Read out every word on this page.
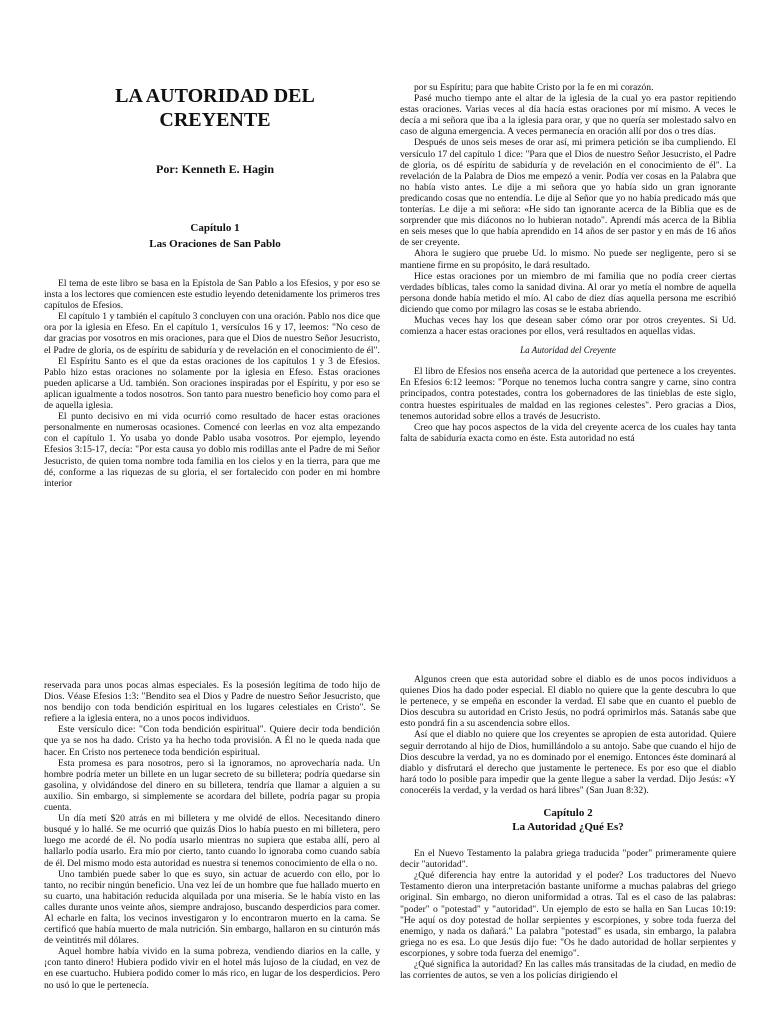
LA AUTORIDAD DEL
CREYENTE
Por: Kenneth E. Hagin
Capítulo 1
Las Oraciones de San Pablo

El tema de este libro se basa en la Epístola de San Pablo a los Efesios, y por eso se insta a los lectores que comiencen este estudio leyendo detenidamente los primeros tres capítulos de Efesios.

El capítulo 1 y también el capítulo 3 concluyen con una oración. Pablo nos dice que ora por la iglesia en Efeso. En el capítulo 1, versículos 16 y 17, leemos: "No ceso de dar gracias por vosotros en mis oraciones, para que el Dios de nuestro Señor Jesucristo, el Padre de gloria, os de espíritu de sabiduría y de revelación en el conocimiento de él".

El Espíritu Santo es el que da estas oraciones de los capítulos 1 y 3 de Efesios. Pablo hizo estas oraciones no solamente por la iglesia en Efeso. Estas oraciones pueden aplicarse a Ud. también. Son oraciones inspiradas por el Espíritu, y por eso se aplican igualmente a todos nosotros. Son tanto para nuestro beneficio hoy como para el de aquella iglesia.

El punto decisivo en mi vida ocurrió como resultado de hacer estas oraciones personalmente en numerosas ocasiones. Comencé con leerlas en voz alta empezando con el capítulo 1. Yo usaba yo donde Pablo usaba vosotros. Por ejemplo, leyendo Efesios 3:15-17, decía: "Por esta causa yo doblo mis rodillas ante el Padre de mi Señor Jesucristo, de quien toma nombre toda familia en los cielos y en la tierra, para que me dé, conforme a las riquezas de su gloria, el ser fortalecido con poder en mi hombre interior

por su Espíritu; para que habite Cristo por la fe en mi corazón.

Pasé mucho tiempo ante el altar de la iglesia de la cual yo era pastor repitiendo estas oraciones. Varias veces al día hacía estas oraciones por mí mismo. A veces le decía a mi señora que iba a la iglesia para orar, y que no quería ser molestado salvo en caso de alguna emergencia. A veces permanecía en oración allí por dos o tres días.

Después de unos seis meses de orar así, mi primera petición se iba cumpliendo. El versículo 17 del capítulo 1 dice: "Para que el Dios de nuestro Señor Jesucristo, el Padre de gloria, os dé espíritu de sabiduría y de revelación en el conocimiento de él". La revelación de la Palabra de Dios me empezó a venir. Podía ver cosas en la Palabra que no había visto antes. Le dije a mi señora que yo había sido un gran ignorante predicando cosas que no entendía. Le dije al Señor que yo no había predicado más que tonterías. Le dije a mi señora: «He sido tan ignorante acerca de la Biblia que es de sorprender que mis diáconos no lo hubieran notado". Aprendí más acerca de la Biblia en seis meses que lo que había aprendido en 14 años de ser pastor y en más de 16 años de ser creyente.

Ahora le sugiero que pruebe Ud. lo mismo. No puede ser negligente, pero si se mantiene firme en su propósito, le dará resultado.

Hice estas oraciones por un miembro de mi familia que no podía creer ciertas verdades bíblicas, tales como la sanidad divina. Al orar yo metía el nombre de aquella persona donde había metido el mío. Al cabo de diez días aquella persona me escribió diciendo que como por milagro las cosas se le estaba abriendo.

Muchas veces hay los que desean saber cómo orar por otros creyentes. Si Ud. comienza a hacer estas oraciones por ellos, verá resultados en aquellas vidas.

La Autoridad del Creyente

El libro de Efesios nos enseña acerca de la autoridad que pertenece a los creyentes. En Efesios 6:12 leemos: "Porque no tenemos lucha contra sangre y carne, sino contra principados, contra potestades, contra los gobernadores de las tinieblas de este siglo, contra huestes espirituales de maldad en las regiones celestes". Pero gracias a Dios, tenemos autoridad sobre ellos a través de Jesucristo.

Creo que hay pocos aspectos de la vida del creyente acerca de los cuales hay tanta falta de sabiduría exacta como en éste. Esta autoridad no está

reservada para unos pocas almas especiales. Es la posesión legítima de todo hijo de Dios. Véase Efesios 1:3: "Bendito sea el Dios y Padre de nuestro Señor Jesucristo, que nos bendijo con toda bendición espiritual en los lugares celestiales en Cristo". Se refiere a la iglesia entera, no a unos pocos individuos.

Este versículo dice: "Con toda bendición espiritual". Quiere decir toda bendición que ya se nos ha dado. Cristo ya ha hecho toda provisión. A Él no le queda nada que hacer. En Cristo nos pertenece toda bendición espiritual.

Esta promesa es para nosotros, pero si la ignoramos, no aprovecharía nada. Un hombre podría meter un billete en un lugar secreto de su billetera; podría quedarse sin gasolina, y olvidándose del dinero en su billetera, tendría que llamar a alguien a su auxilio. Sin embargo, si simplemente se acordara del billete, podría pagar su propia cuenta.

Un día metí $20 atrás en mi billetera y me olvidé de ellos. Necesitando dinero busqué y lo hallé. Se me ocurrió que quizás Dios lo había puesto en mi billetera, pero luego me acordé de él. No podía usarlo mientras no supiera que estaba allí, pero al hallarlo podía usarlo. Era mío por cierto, tanto cuando lo ignoraba como cuando sabía de él. Del mismo modo esta autoridad es nuestra si tenemos conocimiento de ella o no.

Uno también puede saber lo que es suyo, sin actuar de acuerdo con ello, por lo tanto, no recibir ningún beneficio. Una vez leí de un hombre que fue hallado muerto en su cuarto, una habitación reducida alquilada por una miseria. Se le había visto en las calles durante unos veinte años, siempre andrajoso, buscando desperdicios para comer. Al echarle en falta, los vecinos investigaron y lo encontraron muerto en la cama. Se certificó que había muerto de mala nutrición. Sin embargo, hallaron en su cinturón más de veintitrés mil dólares.

Aquel hombre había vivido en la suma pobreza, vendiendo diarios en la calle, y ¡con tanto dinero! Hubiera podido vivir en el hotel más lujoso de la ciudad, en vez de en ese cuartucho. Hubiera podido comer lo más rico, en lugar de los desperdicios. Pero no usó lo que le pertenecía.

Algunos creen que esta autoridad sobre el diablo es de unos pocos individuos a quienes Dios ha dado poder especial. El diablo no quiere que la gente descubra lo que le pertenece, y se empeña en esconder la verdad. El sabe que en cuanto el pueblo de Dios descubra su autoridad en Cristo Jesús, no podrá oprimirlos más. Satanás sabe que esto pondrá fin a su ascendencia sobre ellos.

Así que el diablo no quiere que los creyentes se apropien de esta autoridad. Quiere seguir derrotando al hijo de Dios, humillándolo a su antojo. Sabe que cuando el hijo de Dios descubre la verdad, ya no es dominado por el enemigo. Entonces éste dominará al diablo y disfrutará el derecho que justamente le pertenece. Es por eso que el diablo hará todo lo posible para impedir que la gente llegue a saber la verdad. Dijo Jesús: «Y conoceréis la verdad, y la verdad os hará libres" (San Juan 8:32).

Capítulo 2
La Autoridad ¿Qué Es?

En el Nuevo Testamento la palabra griega traducida "poder" primeramente quiere decir "autoridad".

¿Qué diferencia hay entre la autoridad y el poder? Los traductores del Nuevo Testamento dieron una interpretación bastante uniforme a muchas palabras del griego original. Sin embargo, no dieron uniformidad a otras. Tal es el caso de las palabras: "poder" o "potestad" y "autoridad". Un ejemplo de esto se halla en San Lucas 10:19: "He aquí os doy potestad de hollar serpientes y escorpiones, y sobre toda fuerza del enemigo, y nada os dañará." La palabra "potestad" es usada, sin embargo, la palabra griega no es esa. Lo que Jesús dijo fue: "Os he dado autoridad de hollar serpientes y escorpiones, y sobre toda fuerza del enemigo".

¿Qué significa la autoridad? En las calles más transitadas de la ciudad, en medio de las corrientes de autos, se ven a los policías dirigiendo el
